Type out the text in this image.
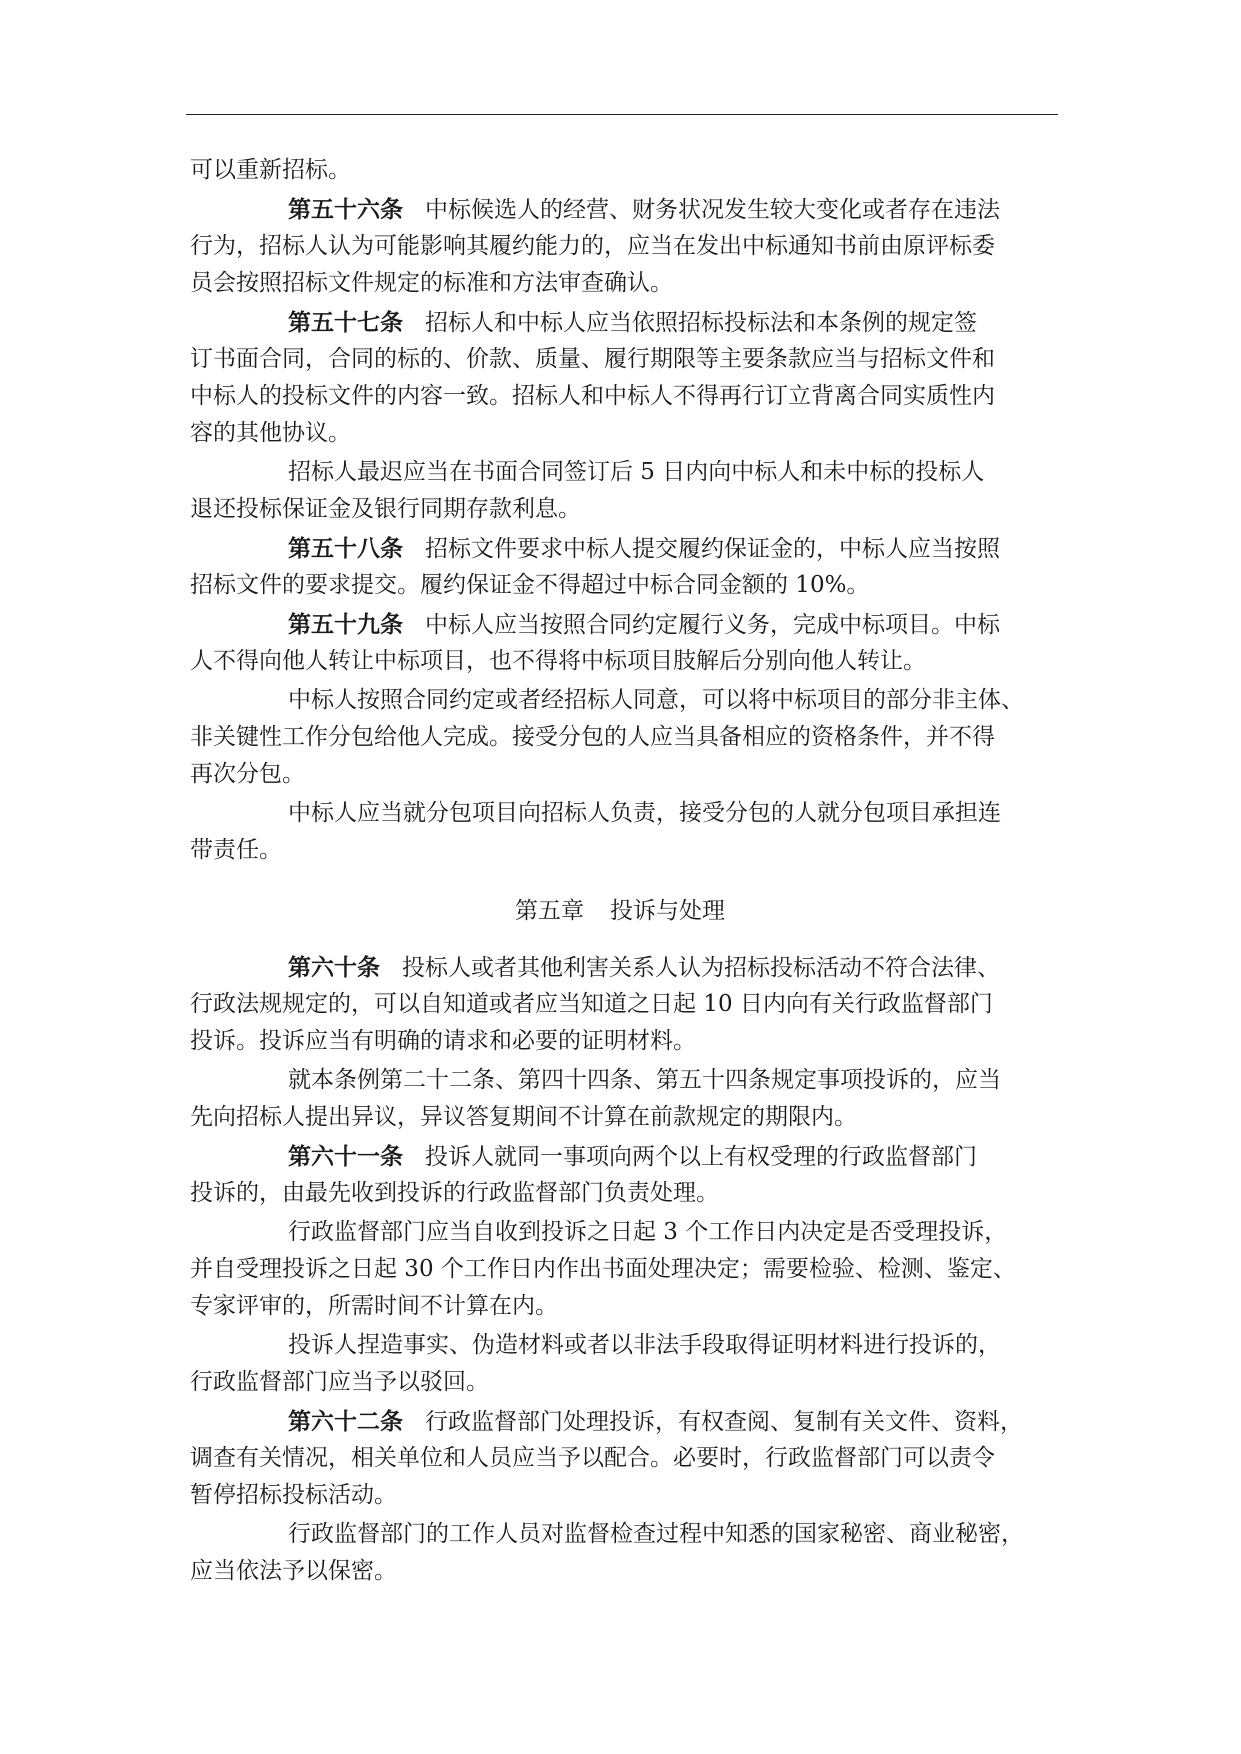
可以重新招标。
第五十六条 中标候选人的经营、财务状况发生较大变化或者存在违法
行为，招标人认为可能影响其履约能力的，应当在发出中标通知书前由原评标委
员会按照招标文件规定的标准和方法审查确认。
第五十七条 招标人和中标人应当依照招标投标法和本条例的规定签
订书面合同，合同的标的、价款、质量、履行期限等主要条款应当与招标文件和
中标人的投标文件的内容一致。招标人和中标人不得再行订立背离合同实质性内
容的其他协议。
招标人最迟应当在书面合同签订后 5 日内向中标人和未中标的投标人
退还投标保证金及银行同期存款利息。
第五十八条 招标文件要求中标人提交履约保证金的，中标人应当按照
招标文件的要求提交。履约保证金不得超过中标合同金额的 10%。
第五十九条 中标人应当按照合同约定履行义务，完成中标项目。中标
人不得向他人转让中标项目，也不得将中标项目肢解后分别向他人转让。
中标人按照合同约定或者经招标人同意，可以将中标项目的部分非主体、
非关键性工作分包给他人完成。接受分包的人应当具备相应的资格条件，并不得
再次分包。
中标人应当就分包项目向招标人负责，接受分包的人就分包项目承担连
带责任。
第五章 投诉与处理
第六十条 投标人或者其他利害关系人认为招标投标活动不符合法律、
行政法规规定的，可以自知道或者应当知道之日起 10 日内向有关行政监督部门
投诉。投诉应当有明确的请求和必要的证明材料。
就本条例第二十二条、第四十四条、第五十四条规定事项投诉的，应当
先向招标人提出异议，异议答复期间不计算在前款规定的期限内。
第六十一条 投诉人就同一事项向两个以上有权受理的行政监督部门
投诉的，由最先收到投诉的行政监督部门负责处理。
行政监督部门应当自收到投诉之日起 3 个工作日内决定是否受理投诉，
并自受理投诉之日起 30 个工作日内作出书面处理决定；需要检验、检测、鉴定、
专家评审的，所需时间不计算在内。
投诉人捏造事实、伪造材料或者以非法手段取得证明材料进行投诉的，
行政监督部门应当予以驳回。
第六十二条 行政监督部门处理投诉，有权查阅、复制有关文件、资料，
调查有关情况，相关单位和人员应当予以配合。必要时，行政监督部门可以责令
暂停招标投标活动。
行政监督部门的工作人员对监督检查过程中知悉的国家秘密、商业秘密，
应当依法予以保密。
